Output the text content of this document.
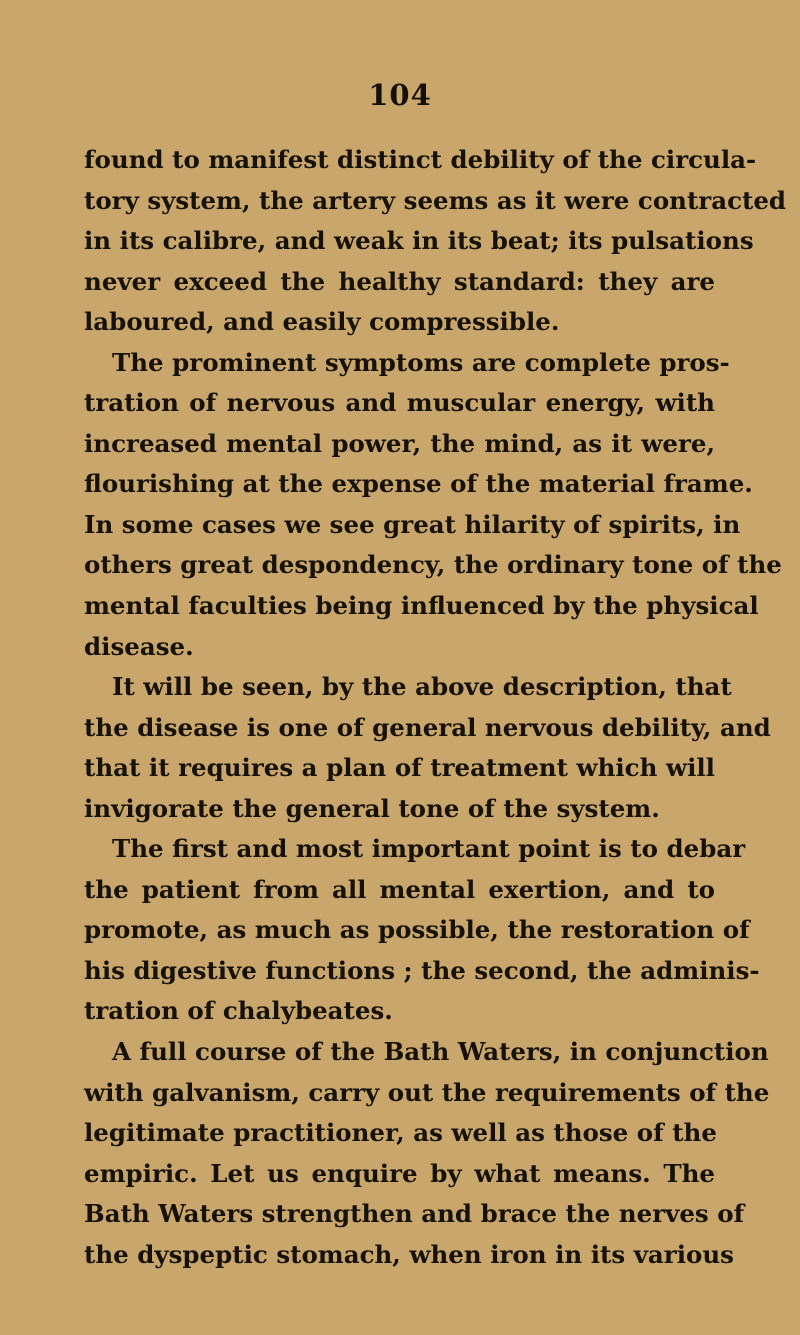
104
found to manifest distinct debility of the circula-
tory system, the artery seems as it were contracted
in its calibre, and weak in its beat; its pulsations
never exceed the healthy standard: they are
laboured, and easily compressible.
The prominent symptoms are complete pros-
tration of nervous and muscular energy, with
increased mental power, the mind, as it were,
flourishing at the expense of the material frame.
In some cases we see great hilarity of spirits, in
others great despondency, the ordinary tone of the
mental faculties being influenced by the physical
disease.
It will be seen, by the above description, that
the disease is one of general nervous debility, and
that it requires a plan of treatment which will
invigorate the general tone of the system.
The first and most important point is to debar
the patient from all mental exertion, and to
promote, as much as possible, the restoration of
his digestive functions ; the second, the adminis-
tration of chalybeates.
A full course of the Bath Waters, in conjunction
with galvanism, carry out the requirements of the
legitimate practitioner, as well as those of the
empiric. Let us enquire by what means. The
Bath Waters strengthen and brace the nerves of
the dyspeptic stomach, when iron in its various
